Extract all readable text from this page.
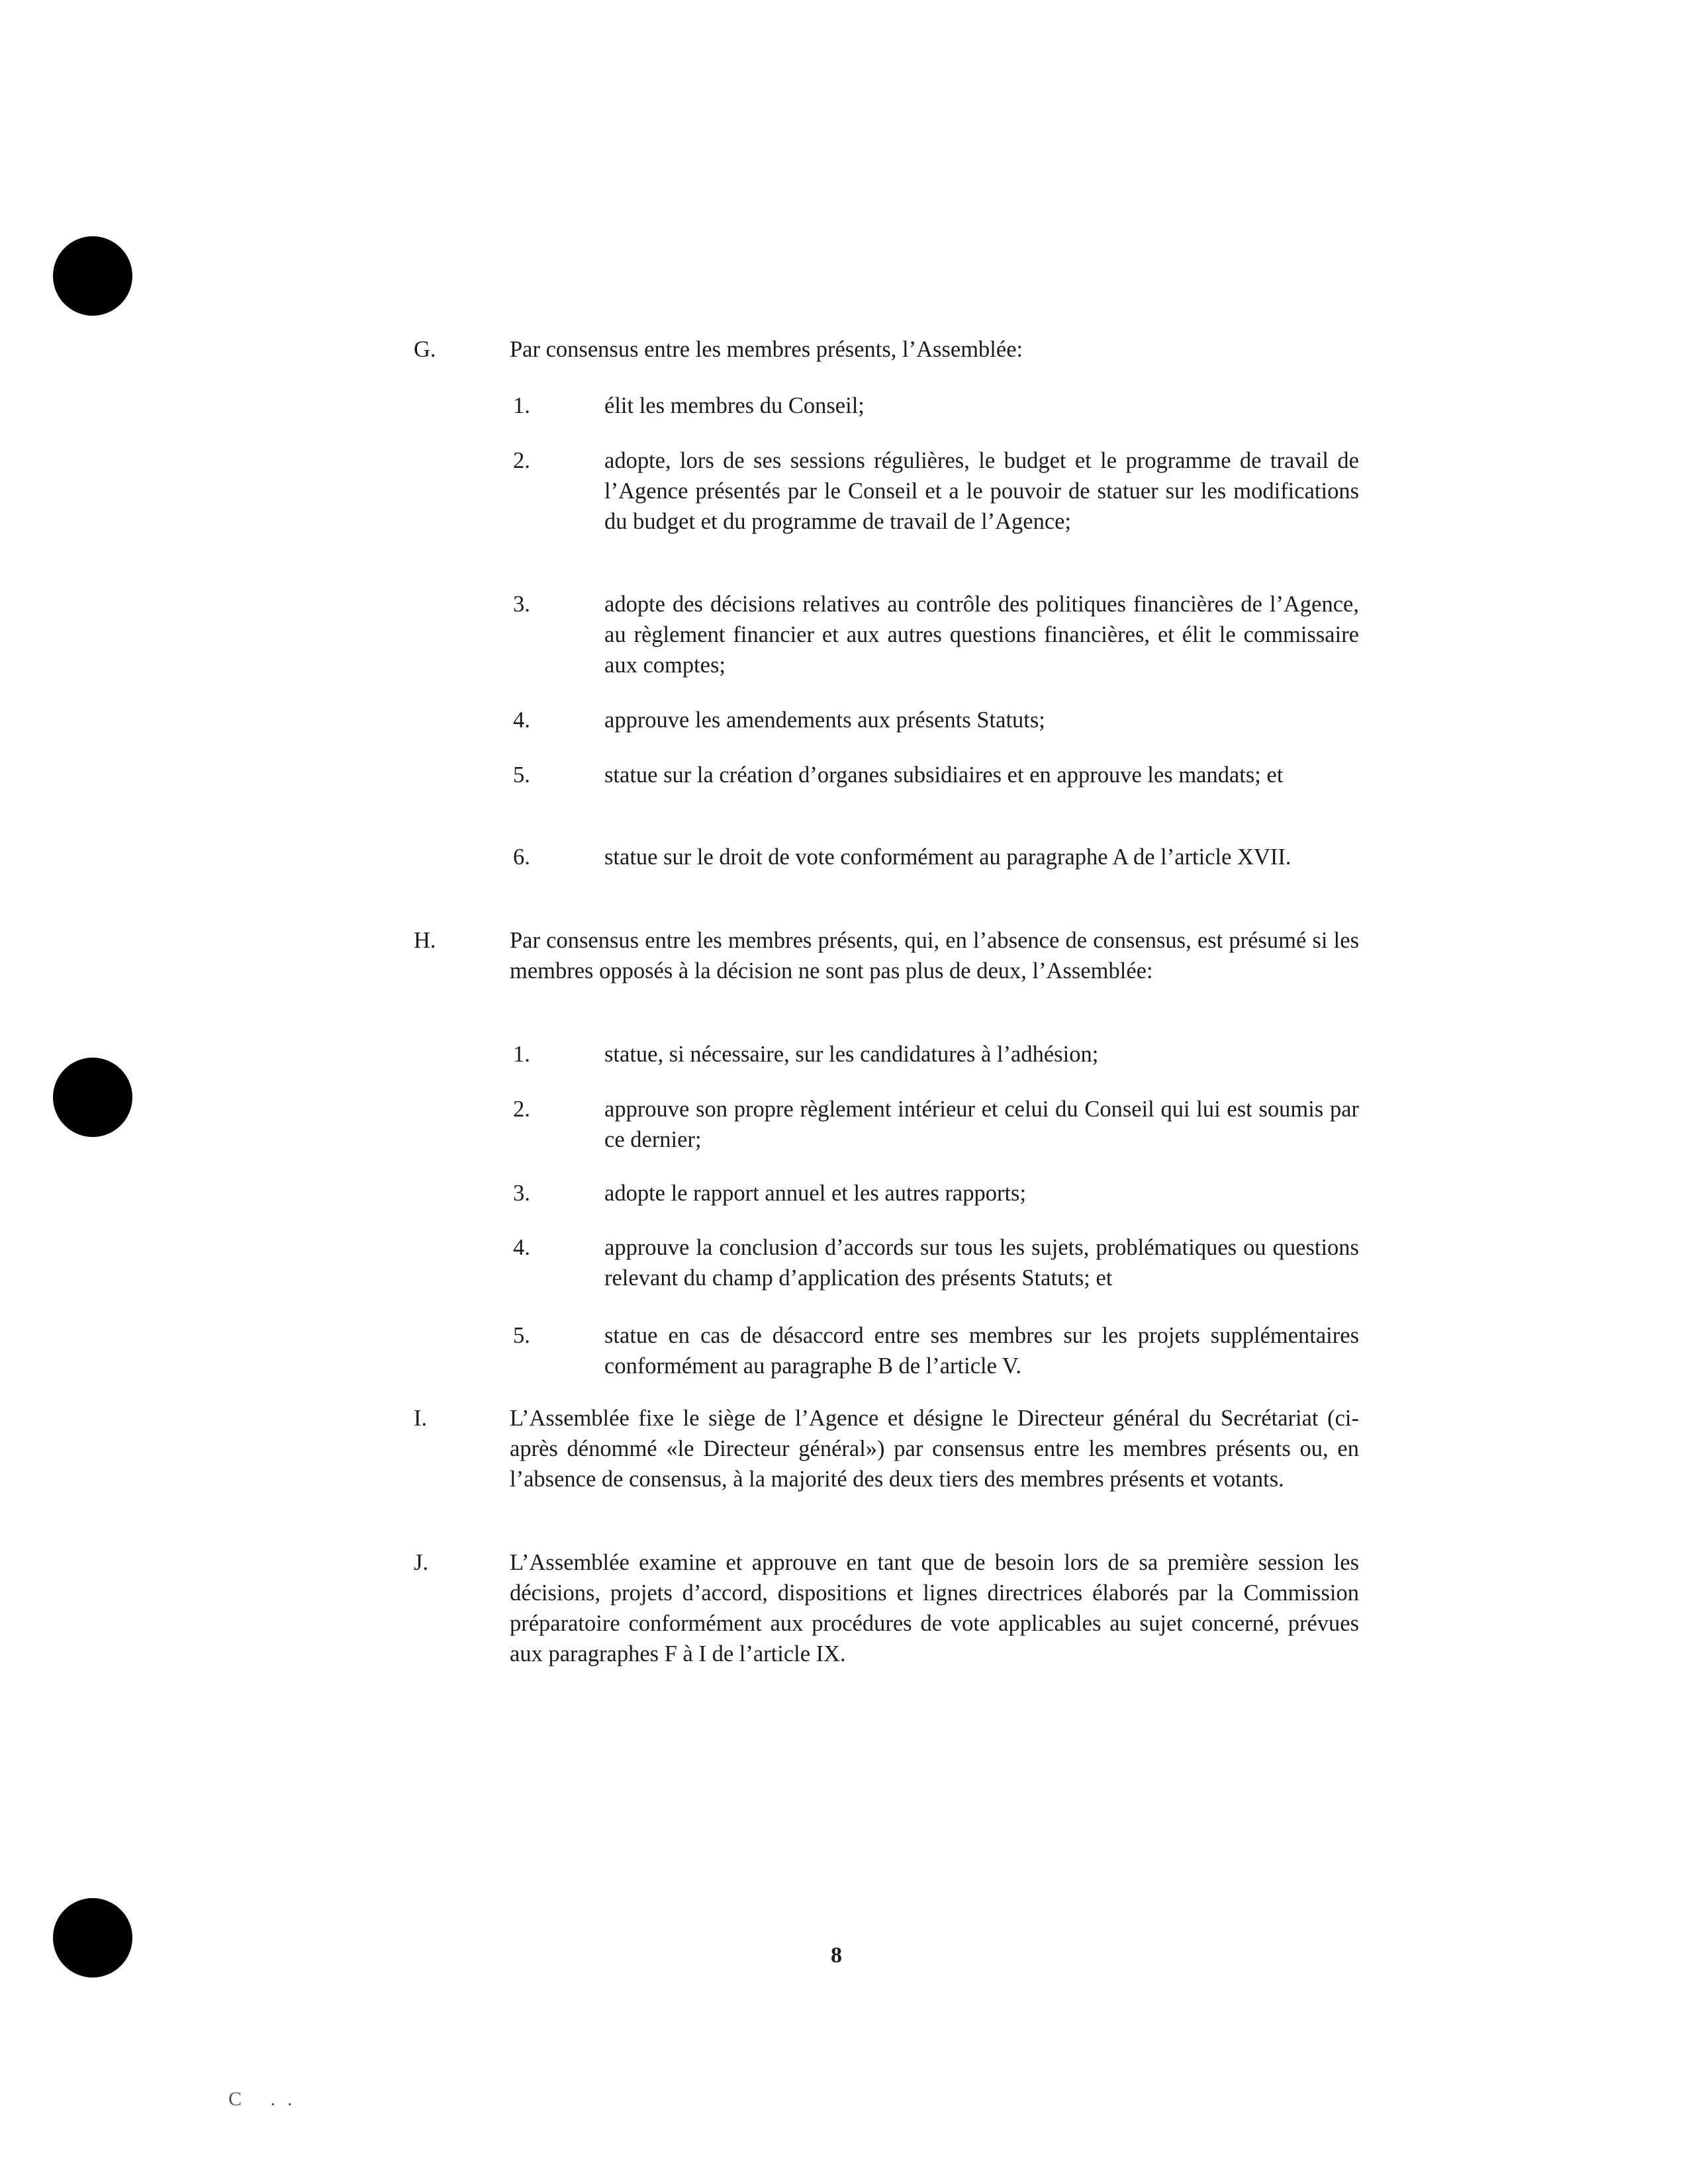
G.	Par consensus entre les membres présents, l’Assemblée:
1.	élit les membres du Conseil;
2.	adopte, lors de ses sessions régulières, le budget et le programme de travail de l’Agence présentés par le Conseil et a le pouvoir de statuer sur les modifications du budget et du programme de travail de l’Agence;
3.	adopte des décisions relatives au contrôle des politiques financières de l’Agence, au règlement financier et aux autres questions financières, et élit le commissaire aux comptes;
4.	approuve les amendements aux présents Statuts;
5.	statue sur la création d’organes subsidiaires et en approuve les mandats; et
6.	statue sur le droit de vote conformément au paragraphe A de l’article XVII.
H.	Par consensus entre les membres présents, qui, en l’absence de consensus, est présumé si les membres opposés à la décision ne sont pas plus de deux, l’Assemblée:
1.	statue, si nécessaire, sur les candidatures à l’adhésion;
2.	approuve son propre règlement intérieur et celui du Conseil qui lui est soumis par ce dernier;
3.	adopte le rapport annuel et les autres rapports;
4.	approuve la conclusion d’accords sur tous les sujets, problématiques ou questions relevant du champ d’application des présents Statuts; et
5.	statue en cas de désaccord entre ses membres sur les projets supplémentaires conformément au paragraphe B de l’article V.
I.	L’Assemblée fixe le siège de l’Agence et désigne le Directeur général du Secrétariat (ci-après dénommé «le Directeur général») par consensus entre les membres présents ou, en l’absence de consensus, à la majorité des deux tiers des membres présents et votants.
J.	L’Assemblée examine et approuve en tant que de besoin lors de sa première session les décisions, projets d’accord, dispositions et lignes directrices élaborés par la Commission préparatoire conformément aux procédures de vote applicables au sujet concerné, prévues aux paragraphes F à I de l’article IX.
8
C ..
